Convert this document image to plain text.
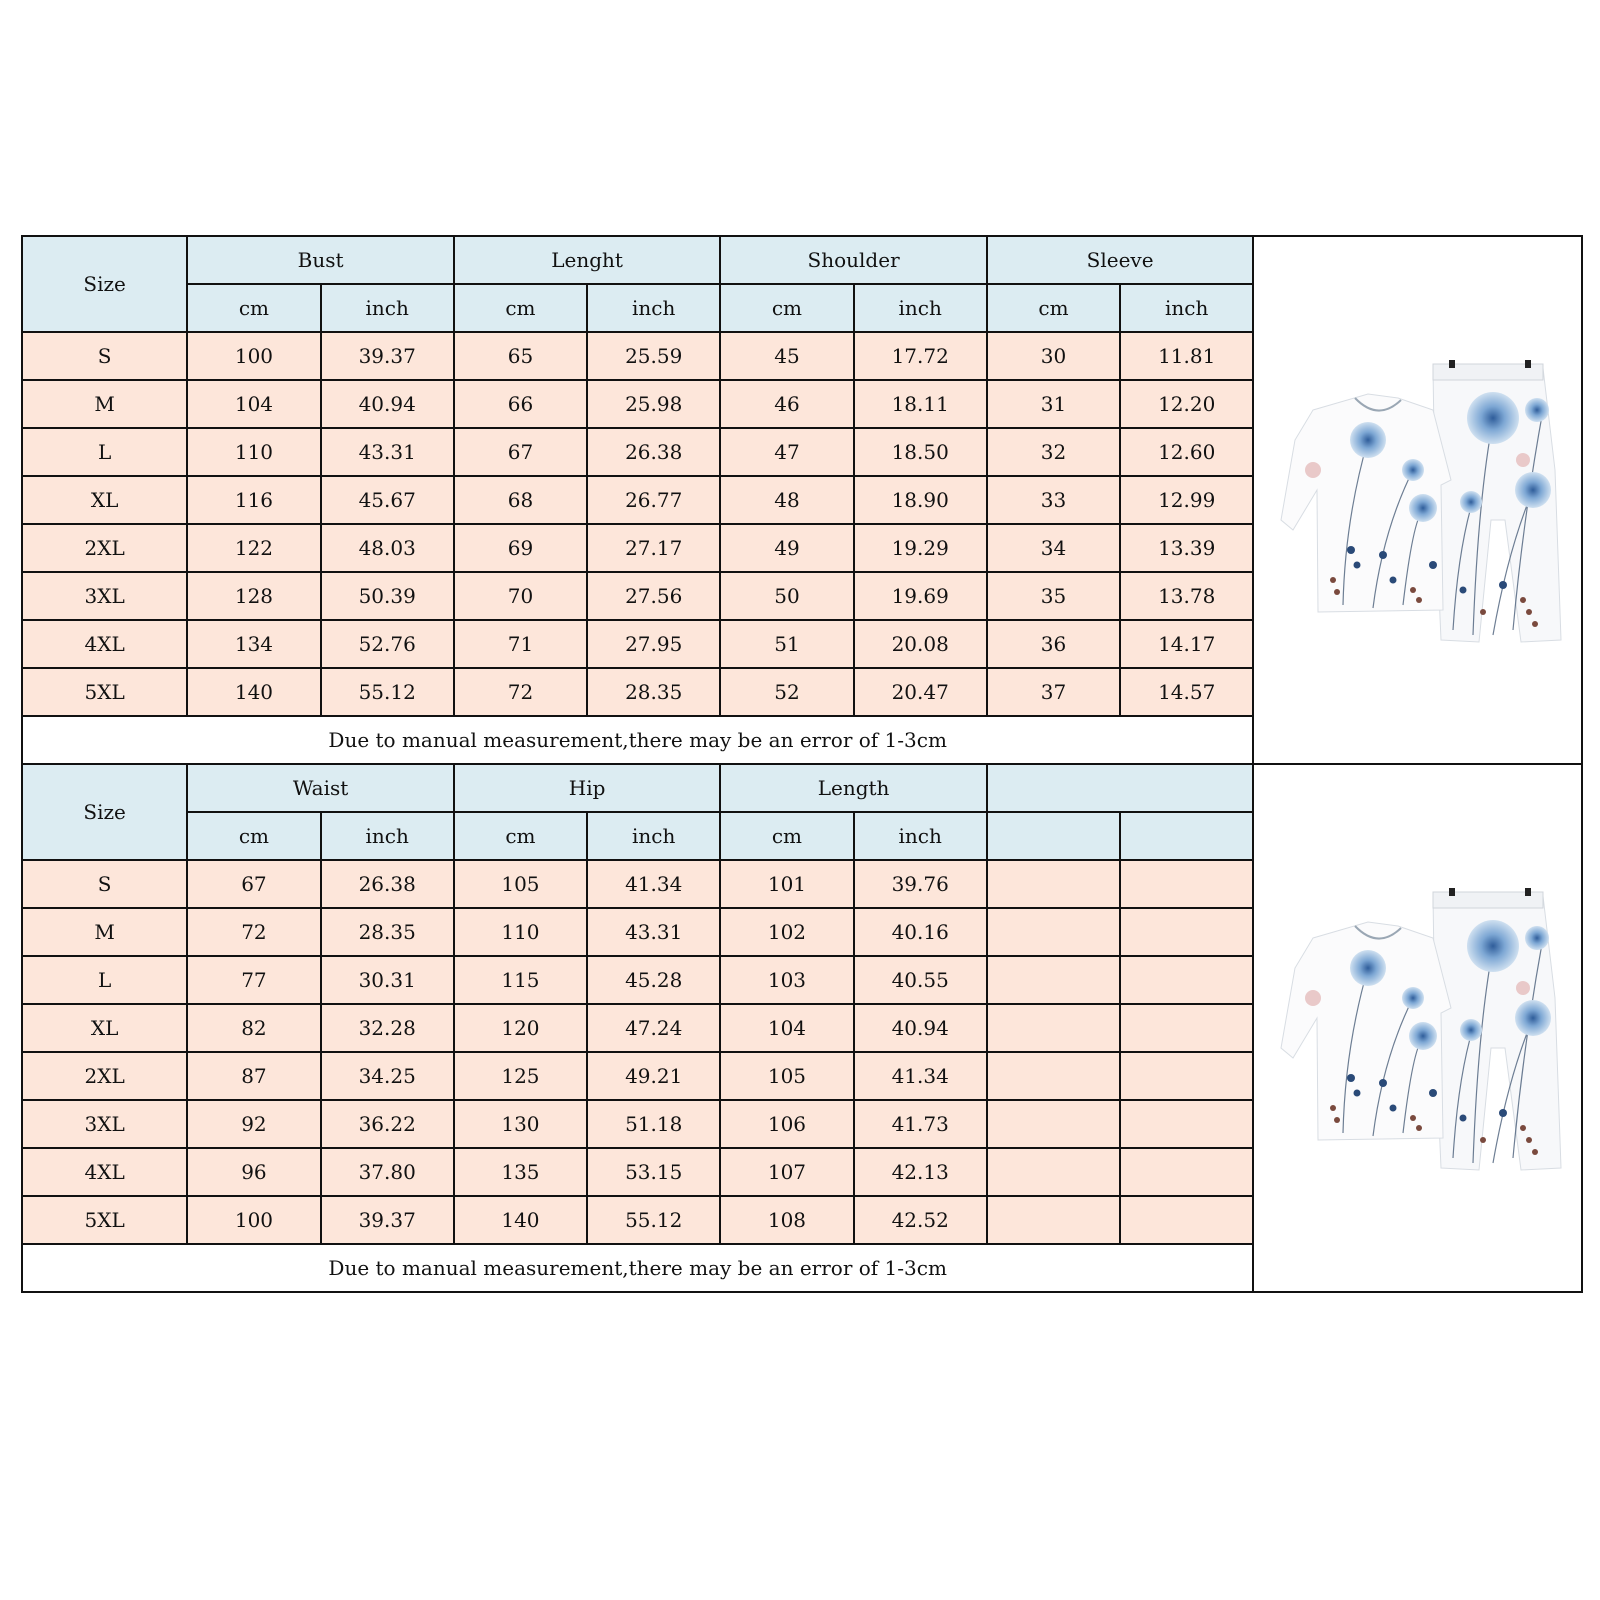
Size	Bust		Lenght		Shoulder		Sleeve	

	cm	inch	cm	inch	cm	inch	cm	inch	
S	100	39.37	65	25.59	45	17.72	30	11.81	
M	104	40.94	66	25.98	46	18.11	31	12.20	
L	110	43.31	67	26.38	47	18.50	32	12.60	
XL	116	45.67	68	26.77	48	18.90	33	12.99	
2XL	122	48.03	69	27.17	49	19.29	34	13.39	
3XL	128	50.39	70	27.56	50	19.69	35	13.78	
4XL	134	52.76	71	27.95	51	20.08	36	14.17	
5XL	140	55.12	72	28.35	52	20.47	37	14.57	
Due to manual measurement,there may be an error of 1-3cm									
Size	Waist		Hip		Length		

	cm	inch	cm	inch	cm	inch			
S	67	26.38	105	41.34	101	39.76			
M	72	28.35	110	43.31	102	40.16			
L	77	30.31	115	45.28	103	40.55			
XL	82	32.28	120	47.24	104	40.94			
2XL	87	34.25	125	49.21	105	41.34			
3XL	92	36.22	130	51.18	106	41.73			
4XL	96	37.80	135	53.15	107	42.13			
5XL	100	39.37	140	55.12	108	42.52			
Due to manual measurement,there may be an error of 1-3cm									
